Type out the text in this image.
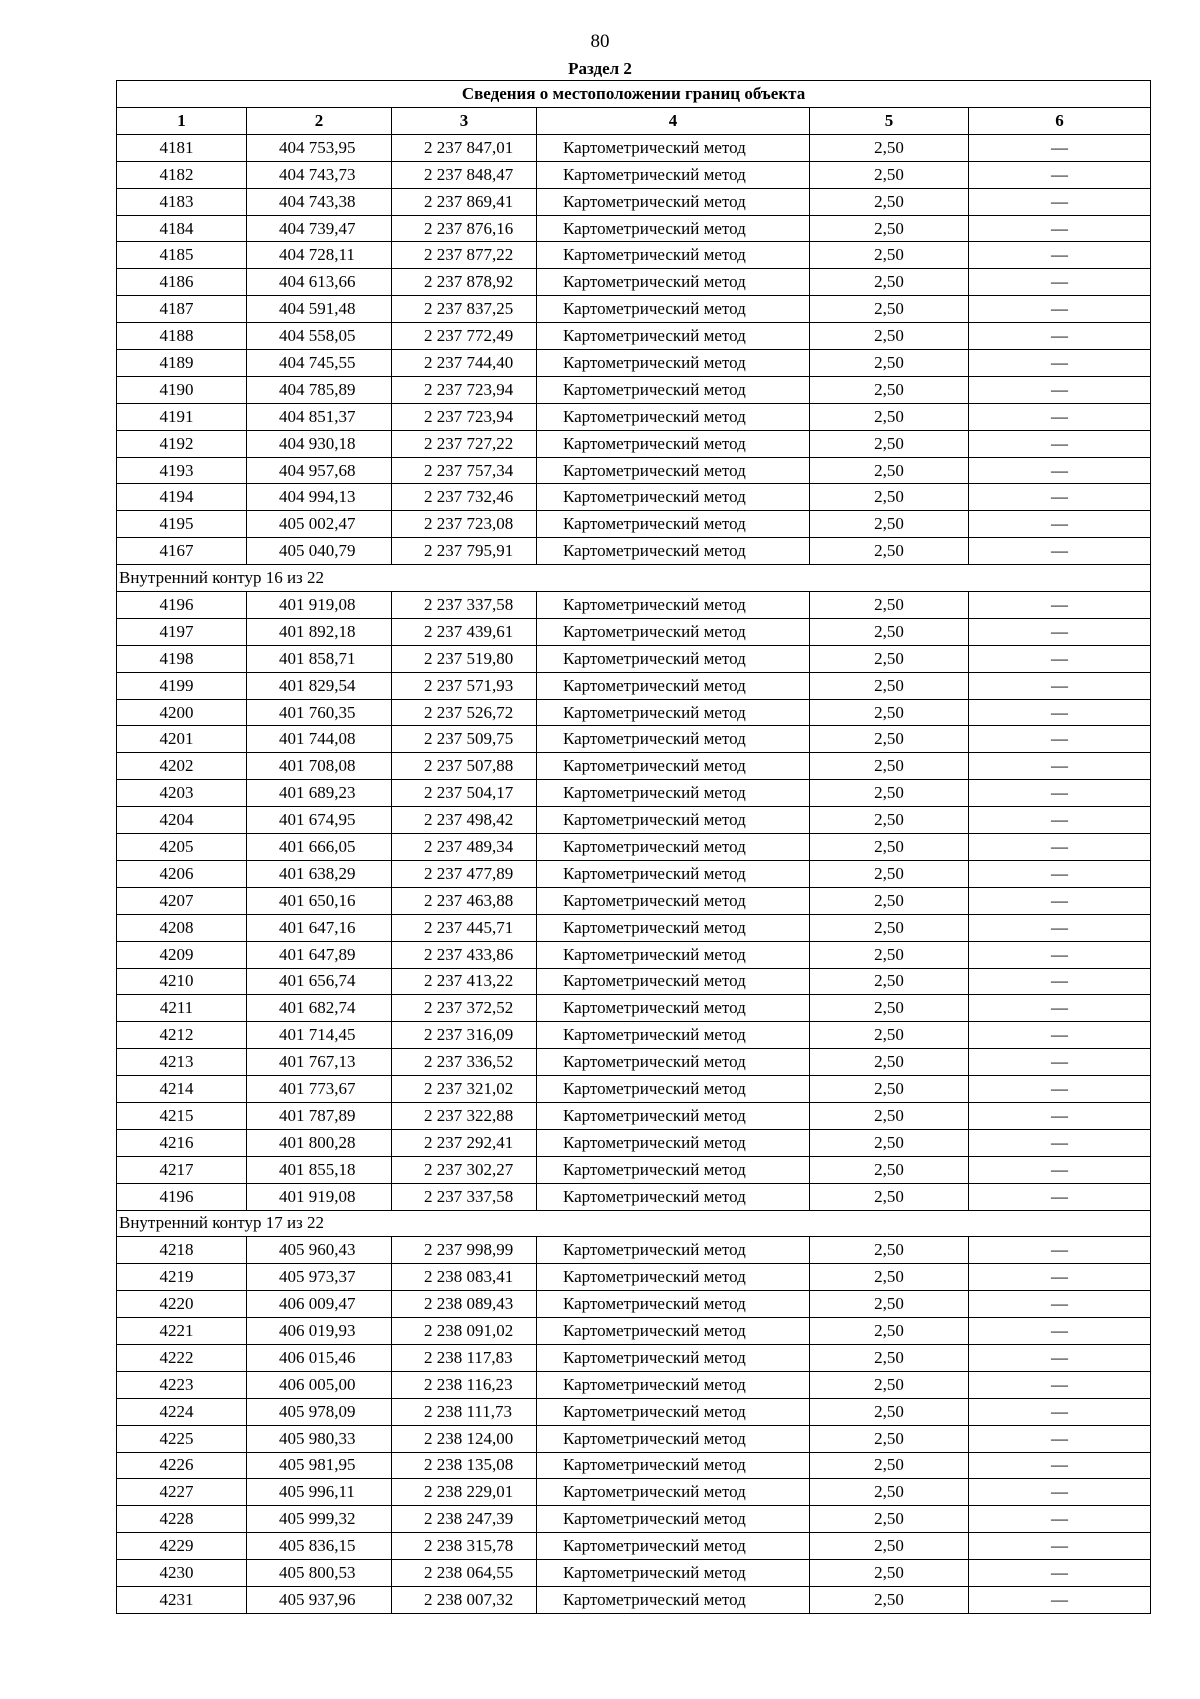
80
Раздел 2
Сведения о местоположении границ объекта					
1	2	3	4	5	6
4181	404 753,95	2 237 847,01	Картометрический метод	2,50	—
4182	404 743,73	2 237 848,47	Картометрический метод	2,50	—
4183	404 743,38	2 237 869,41	Картометрический метод	2,50	—
4184	404 739,47	2 237 876,16	Картометрический метод	2,50	—
4185	404 728,11	2 237 877,22	Картометрический метод	2,50	—
4186	404 613,66	2 237 878,92	Картометрический метод	2,50	—
4187	404 591,48	2 237 837,25	Картометрический метод	2,50	—
4188	404 558,05	2 237 772,49	Картометрический метод	2,50	—
4189	404 745,55	2 237 744,40	Картометрический метод	2,50	—
4190	404 785,89	2 237 723,94	Картометрический метод	2,50	—
4191	404 851,37	2 237 723,94	Картометрический метод	2,50	—
4192	404 930,18	2 237 727,22	Картометрический метод	2,50	—
4193	404 957,68	2 237 757,34	Картометрический метод	2,50	—
4194	404 994,13	2 237 732,46	Картометрический метод	2,50	—
4195	405 002,47	2 237 723,08	Картометрический метод	2,50	—
4167	405 040,79	2 237 795,91	Картометрический метод	2,50	—
Внутренний контур 16 из 22					
4196	401 919,08	2 237 337,58	Картометрический метод	2,50	—
4197	401 892,18	2 237 439,61	Картометрический метод	2,50	—
4198	401 858,71	2 237 519,80	Картометрический метод	2,50	—
4199	401 829,54	2 237 571,93	Картометрический метод	2,50	—
4200	401 760,35	2 237 526,72	Картометрический метод	2,50	—
4201	401 744,08	2 237 509,75	Картометрический метод	2,50	—
4202	401 708,08	2 237 507,88	Картометрический метод	2,50	—
4203	401 689,23	2 237 504,17	Картометрический метод	2,50	—
4204	401 674,95	2 237 498,42	Картометрический метод	2,50	—
4205	401 666,05	2 237 489,34	Картометрический метод	2,50	—
4206	401 638,29	2 237 477,89	Картометрический метод	2,50	—
4207	401 650,16	2 237 463,88	Картометрический метод	2,50	—
4208	401 647,16	2 237 445,71	Картометрический метод	2,50	—
4209	401 647,89	2 237 433,86	Картометрический метод	2,50	—
4210	401 656,74	2 237 413,22	Картометрический метод	2,50	—
4211	401 682,74	2 237 372,52	Картометрический метод	2,50	—
4212	401 714,45	2 237 316,09	Картометрический метод	2,50	—
4213	401 767,13	2 237 336,52	Картометрический метод	2,50	—
4214	401 773,67	2 237 321,02	Картометрический метод	2,50	—
4215	401 787,89	2 237 322,88	Картометрический метод	2,50	—
4216	401 800,28	2 237 292,41	Картометрический метод	2,50	—
4217	401 855,18	2 237 302,27	Картометрический метод	2,50	—
4196	401 919,08	2 237 337,58	Картометрический метод	2,50	—
Внутренний контур 17 из 22					
4218	405 960,43	2 237 998,99	Картометрический метод	2,50	—
4219	405 973,37	2 238 083,41	Картометрический метод	2,50	—
4220	406 009,47	2 238 089,43	Картометрический метод	2,50	—
4221	406 019,93	2 238 091,02	Картометрический метод	2,50	—
4222	406 015,46	2 238 117,83	Картометрический метод	2,50	—
4223	406 005,00	2 238 116,23	Картометрический метод	2,50	—
4224	405 978,09	2 238 111,73	Картометрический метод	2,50	—
4225	405 980,33	2 238 124,00	Картометрический метод	2,50	—
4226	405 981,95	2 238 135,08	Картометрический метод	2,50	—
4227	405 996,11	2 238 229,01	Картометрический метод	2,50	—
4228	405 999,32	2 238 247,39	Картометрический метод	2,50	—
4229	405 836,15	2 238 315,78	Картометрический метод	2,50	—
4230	405 800,53	2 238 064,55	Картометрический метод	2,50	—
4231	405 937,96	2 238 007,32	Картометрический метод	2,50	—
